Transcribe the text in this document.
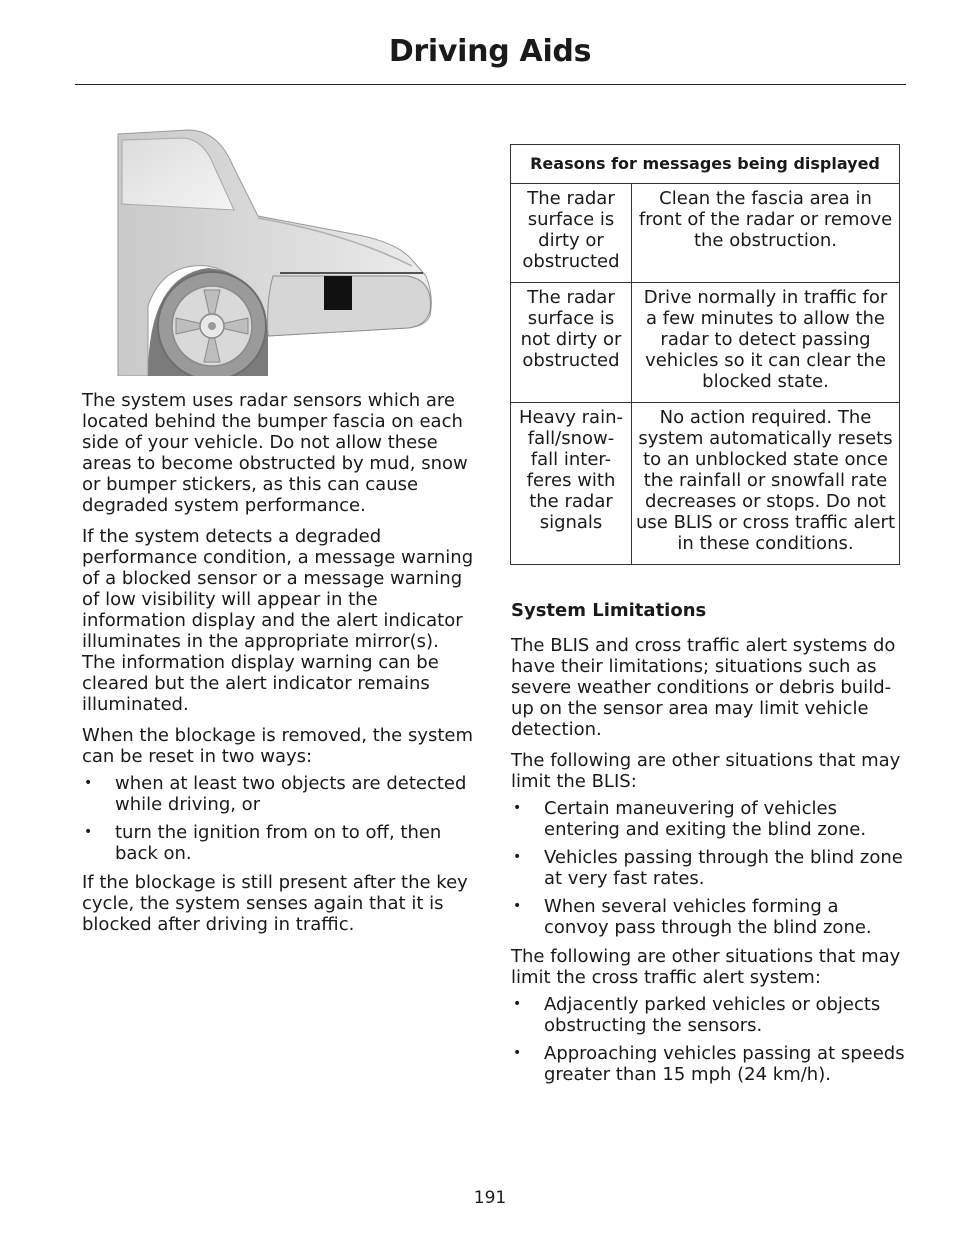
Driving Aids

The system uses radar sensors which are located behind the bumper fascia on each side of your vehicle. Do not allow these areas to become obstructed by mud, snow or bumper stickers, as this can cause degraded system performance.

If the system detects a degraded performance condition, a message warning of a blocked sensor or a message warning of low visibility will appear in the information display and the alert indicator illuminates in the appropriate mirror(s). The information display warning can be cleared but the alert indicator remains illuminated.

When the blockage is removed, the system can be reset in two ways:

• when at least two objects are detected while driving, or
• turn the ignition from on to off, then back on.

If the blockage is still present after the key cycle, the system senses again that it is blocked after driving in traffic.

Reasons for messages being displayed	
The radar surface is dirty or obstructed	Clean the fascia area in front of the radar or remove the obstruction.
The radar surface is not dirty or obstructed	Drive normally in traffic for a few minutes to allow the radar to detect passing vehicles so it can clear the blocked state.
Heavy rain-fall/snow-fall inter-feres with the radar signals	No action required. The system automatically resets to an unblocked state once the rainfall or snowfall rate decreases or stops. Do not use BLIS or cross traffic alert in these conditions.
System Limitations

The BLIS and cross traffic alert systems do have their limitations; situations such as severe weather conditions or debris build-up on the sensor area may limit vehicle detection.

The following are other situations that may limit the BLIS:

• Certain maneuvering of vehicles entering and exiting the blind zone.
• Vehicles passing through the blind zone at very fast rates.
• When several vehicles forming a convoy pass through the blind zone.

The following are other situations that may limit the cross traffic alert system:

• Adjacently parked vehicles or objects obstructing the sensors.
• Approaching vehicles passing at speeds greater than 15 mph (24 km/h).
191
